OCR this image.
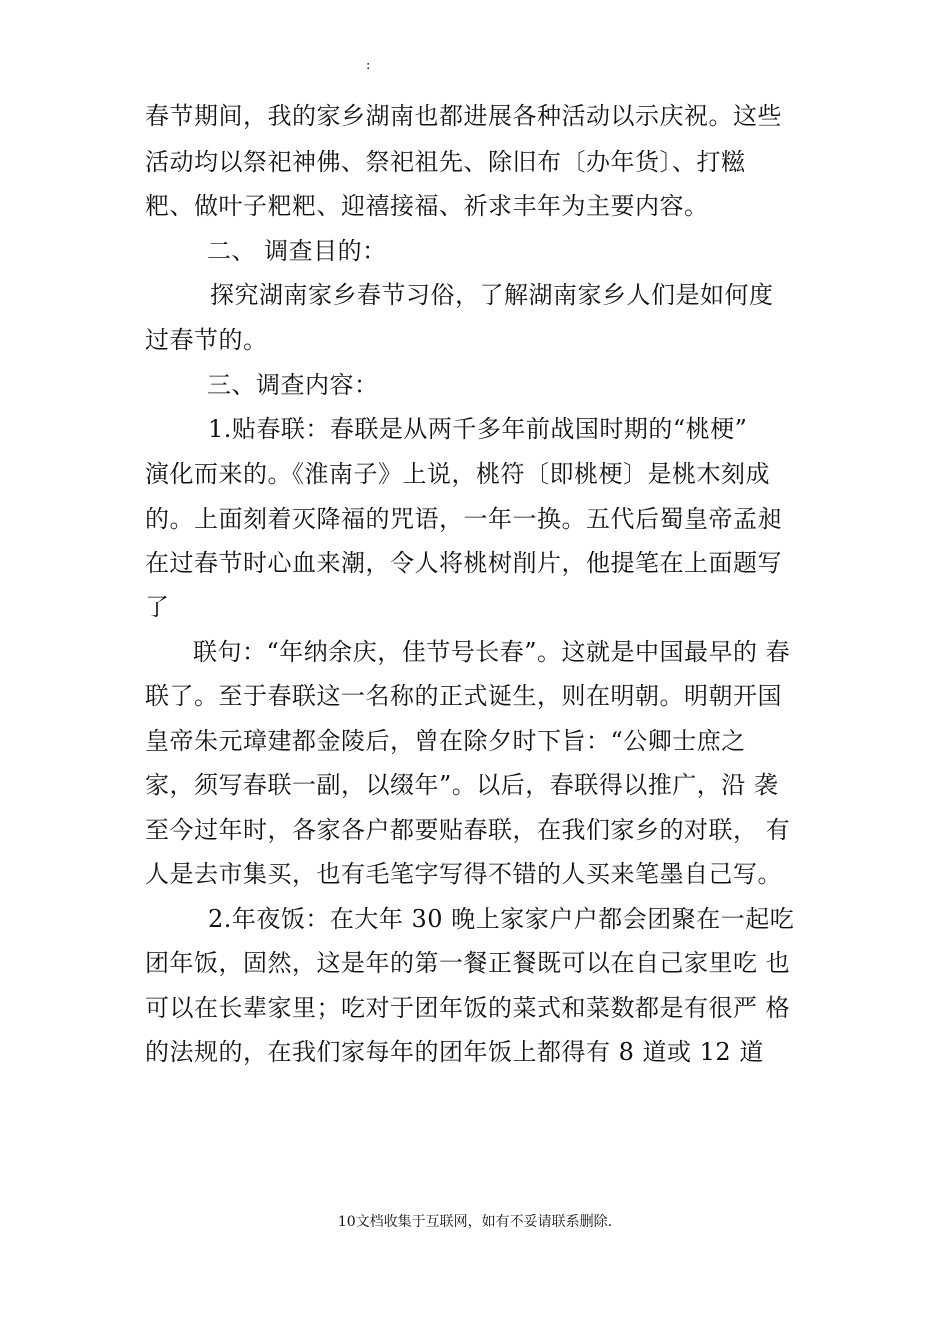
:
春节期间，我的家乡湖南也都进展各种活动以示庆祝。这些
活动均以祭祀神佛、祭祀祖先、除旧布〔办年货〕、打糍
粑、做叶子粑粑、迎禧接福、祈求丰年为主要内容。
二、 调查目的：
探究湖南家乡春节习俗，了解湖南家乡人们是如何度
过春节的。
三、调查内容：
1.贴春联：春联是从两千多年前战国时期的“桃梗”
演化而来的。《淮南子》上说，桃符〔即桃梗〕是桃木刻成
的。上面刻着灭降福的咒语，一年一换。五代后蜀皇帝孟昶
在过春节时心血来潮，令人将桃树削片，他提笔在上面题写
了
联句：“年纳余庆，佳节号长春”。这就是中国最早的 春
联了。至于春联这一名称的正式诞生，则在明朝。明朝开国
皇帝朱元璋建都金陵后，曾在除夕时下旨：“公卿士庶之
家，须写春联一副，以缀年”。以后，春联得以推广，沿 袭
至今过年时，各家各户都要贴春联，在我们家乡的对联， 有
人是去市集买，也有毛笔字写得不错的人买来笔墨自己写。
2.年夜饭：在大年 30 晚上家家户户都会团聚在一起吃
团年饭，固然，这是年的第一餐正餐既可以在自己家里吃 也
可以在长辈家里；吃对于团年饭的菜式和菜数都是有很严 格
的法规的，在我们家每年的团年饭上都得有 8 道或 12 道
10文档收集于互联网，如有不妥请联系删除.
